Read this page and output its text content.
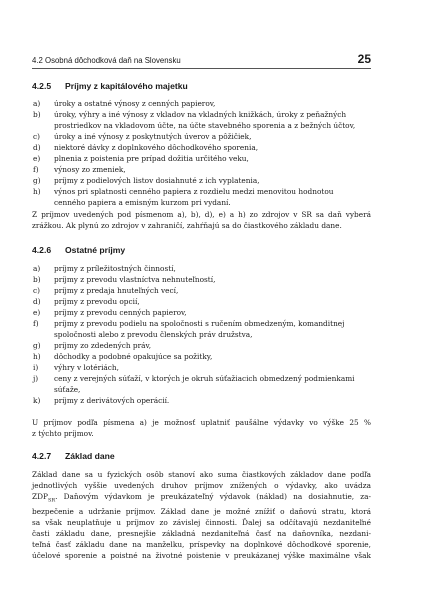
4.2 Osobná dôchodková daň na Slovensku	25
4.2.5 Príjmy z kapitálového majetku
a) úroky a ostatné výnosy z cenných papierov,
b) úroky, výhry a iné výnosy z vkladov na vkladných knižkách, úroky z peňažných
prostriedkov na vkladovom účte, na účte stavebného sporenia a z bežných účtov,
c) úroky a iné výnosy z poskytnutých úverov a pôžičiek,
d) niektoré dávky z doplnkového dôchodkového sporenia,
e) plnenia z poistenia pre prípad dožitia určitého veku,
f) výnosy zo zmeniek,
g) príjmy z podielových listov dosiahnuté z ich vyplatenia,
h) výnos pri splatnosti cenného papiera z rozdielu medzi menovitou hodnotou
cenného papiera a emisným kurzom pri vydaní.

Z príjmov uvedených pod písmenom a), b), d), e) a h) zo zdrojov v SR sa daň vyberá
zrážkou. Ak plynú zo zdrojov v zahraničí, zahŕňajú sa do čiastkového základu dane.

4.2.6 Ostatné príjmy
a) príjmy z príležitostných činností,
b) príjmy z prevodu vlastníctva nehnuteľností,
c) príjmy z predaja hnuteľných vecí,
d) príjmy z prevodu opcií,
e) príjmy z prevodu cenných papierov,
f) príjmy z prevodu podielu na spoločnosti s ručením obmedzeným, komanditnej
spoločnosti alebo z prevodu členských práv družstva,
g) príjmy zo zdedených práv,
h) dôchodky a podobné opakujúce sa požitky,
i) výhry v lotériách,
j) ceny z verejných súťaží, v ktorých je okruh súťažiacich obmedzený podmienkami
súťaže,
k) príjmy z derivátových operácií.

U príjmov podľa písmena a) je možnosť uplatniť paušálne výdavky vo výške 25 %
z týchto príjmov.

4.2.7 Základ dane

Základ dane sa u fyzických osôb stanoví ako suma čiastkových základov dane podľa
jednotlivých vyššie uvedených druhov príjmov znížených o výdavky, ako uvádza
$ZDP_{SR}$. Daňovým výdavkom je preukázateľný výdavok (náklad) na dosiahnutie, za-
bezpečenie a udržanie príjmov. Základ dane je možné znížiť o daňovú stratu, ktorá
sa však neuplatňuje u príjmov zo závislej činnosti. Ďalej sa odčítavajú nezdaniteľné
časti základu dane, presnejšie základná nezdaniteľná časť na daňovníka, nezdani-
teľná časť základu dane na manželku, príspevky na doplnkové dôchodkové sporenie,
účelové sporenie a poistné na životné poistenie v preukázanej výške maximálne však
